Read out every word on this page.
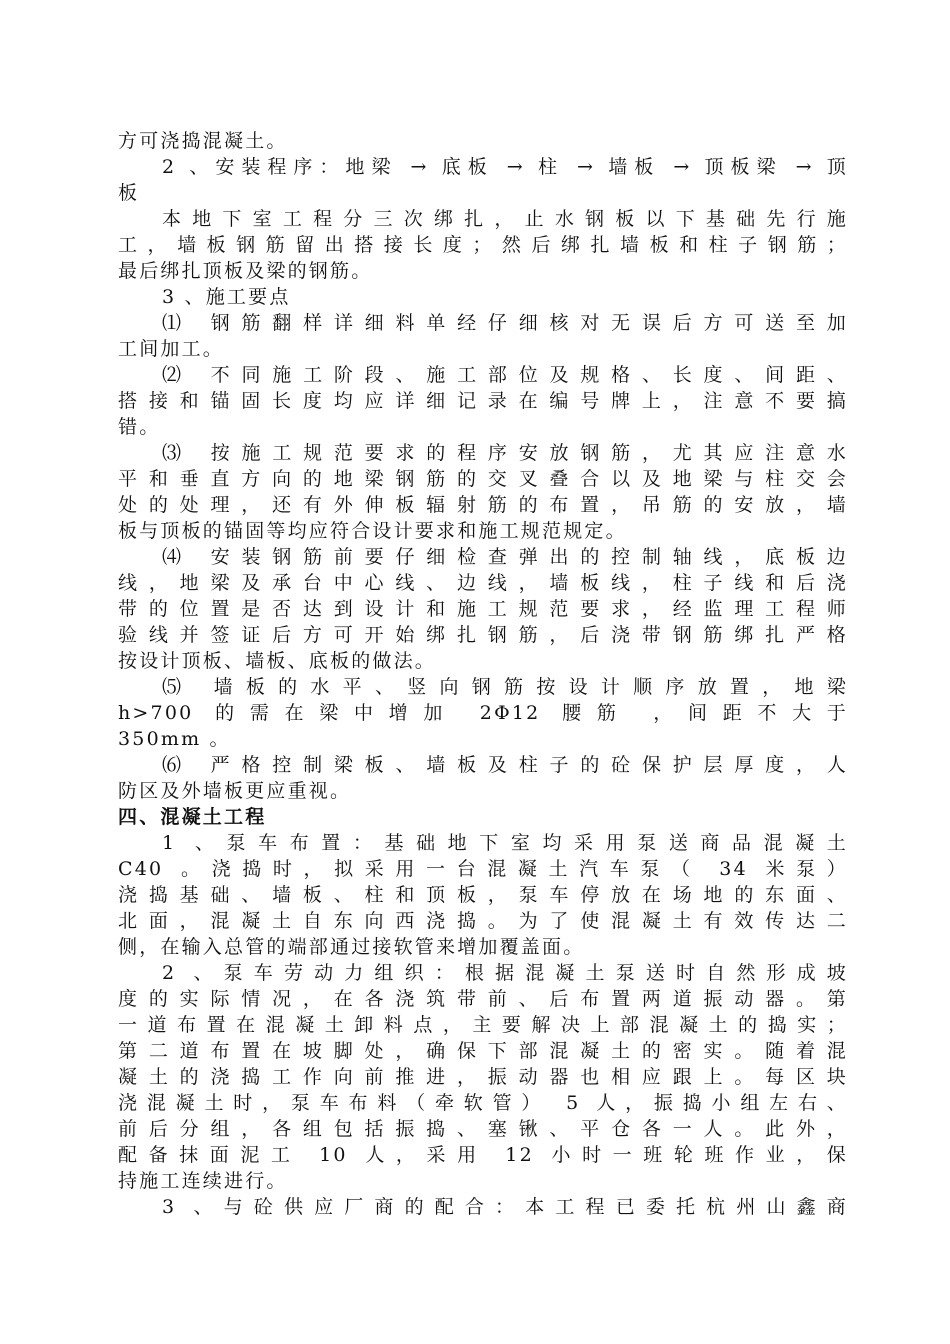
方可浇捣混凝土。
2 、安装程序：地梁 → 底板 → 柱 → 墙板 → 顶板梁 → 顶
板
本地下室工程分三次绑扎，止水钢板以下基础先行施
工，墙板钢筋留出搭接长度；然后绑扎墙板和柱子钢筋；
最后绑扎顶板及梁的钢筋。
3 、施工要点
⑴ 钢筋翻样详细料单经仔细核对无误后方可送至加
工间加工。
⑵ 不同施工阶段、施工部位及规格、长度、间距、
搭接和锚固长度均应详细记录在编号牌上，注意不要搞
错。
⑶ 按施工规范要求的程序安放钢筋，尤其应注意水
平和垂直方向的地梁钢筋的交叉叠合以及地梁与柱交会
处的处理，还有外伸板辐射筋的布置，吊筋的安放，墙
板与顶板的锚固等均应符合设计要求和施工规范规定。
⑷ 安装钢筋前要仔细检查弹出的控制轴线，底板边
线，地梁及承台中心线、边线，墙板线，柱子线和后浇
带的位置是否达到设计和施工规范要求，经监理工程师
验线并签证后方可开始绑扎钢筋，后浇带钢筋绑扎严格
按设计顶板、墙板、底板的做法。
⑸ 墙板的水平、竖向钢筋按设计顺序放置，地梁
h>700 的需在梁中增加 2Φ12 腰筋 ，间距不大于
350mm 。
⑹ 严格控制梁板、墙板及柱子的砼保护层厚度，人
防区及外墙板更应重视。
四、混凝土工程
1 、泵车布置：基础地下室均采用泵送商品混凝土
C40 。浇捣时，拟采用一台混凝土汽车泵（ 34 米泵）
浇捣基础、墙板、柱和顶板，泵车停放在场地的东面、
北面，混凝土自东向西浇捣。为了使混凝土有效传达二
侧，在输入总管的端部通过接软管来增加覆盖面。
2 、泵车劳动力组织：根据混凝土泵送时自然形成坡
度的实际情况，在各浇筑带前、后布置两道振动器。第
一道布置在混凝土卸料点，主要解决上部混凝土的捣实；
第二道布置在坡脚处，确保下部混凝土的密实。随着混
凝土的浇捣工作向前推进，振动器也相应跟上。每区块
浇混凝土时，泵车布料（牵软管） 5 人，振捣小组左右、
前后分组，各组包括振捣、塞锹、平仓各一人。此外，
配备抹面泥工 10 人，采用 12 小时一班轮班作业，保
持施工连续进行。
3 、与砼供应厂商的配合：本工程已委托杭州山鑫商
